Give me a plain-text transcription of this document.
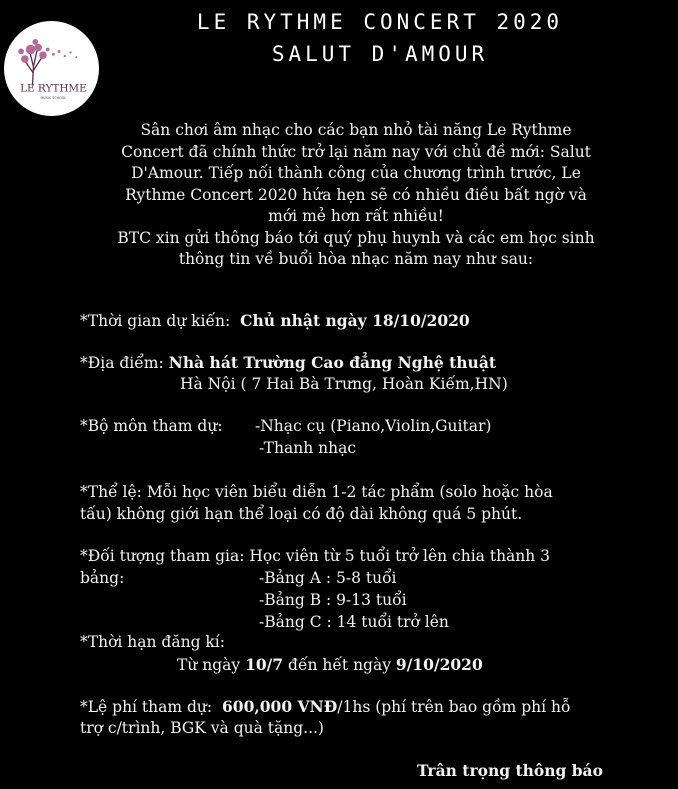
LE RYTHME
MUSIC SCHOOL
LE RYTHME CONCERT 2020
SALUT D'AMOUR
Sân chơi âm nhạc cho các bạn nhỏ tài năng Le Rythme
Concert đã chính thức trở lại năm nay với chủ đề mới: Salut
D'Amour. Tiếp nối thành công của chương trình trước, Le
Rythme Concert 2020 hứa hẹn sẽ có nhiều điều bất ngờ và
mới mẻ hơn rất nhiều!
BTC xin gửi thông báo tới quý phụ huynh và các em học sinh
thông tin về buổi hòa nhạc năm nay như sau:
*Thời gian dự kiến: Chủ nhật ngày 18/10/2020
*Địa điểm: Nhà hát Trường Cao đẳng Nghệ thuật
Hà Nội ( 7 Hai Bà Trưng, Hoàn Kiếm,HN)
*Bộ môn tham dự: -Nhạc cụ (Piano,Violin,Guitar)
-Thanh nhạc
*Thể lệ: Mỗi học viên biểu diễn 1-2 tác phẩm (solo hoặc hòa
tấu) không giới hạn thể loại có độ dài không quá 5 phút.
*Đối tượng tham gia: Học viên từ 5 tuổi trở lên chia thành 3
bảng:	-Bảng A : 5-8 tuổi
-Bảng B : 9-13 tuổi
-Bảng C : 14 tuổi trở lên
*Thời hạn đăng kí:
Từ ngày 10/7 đến hết ngày 9/10/2020
*Lệ phí tham dự: 600,000 VNĐ/1hs (phí trên bao gồm phí hỗ
trợ c/trình, BGK và quà tặng...)
Trân trọng thông báo
